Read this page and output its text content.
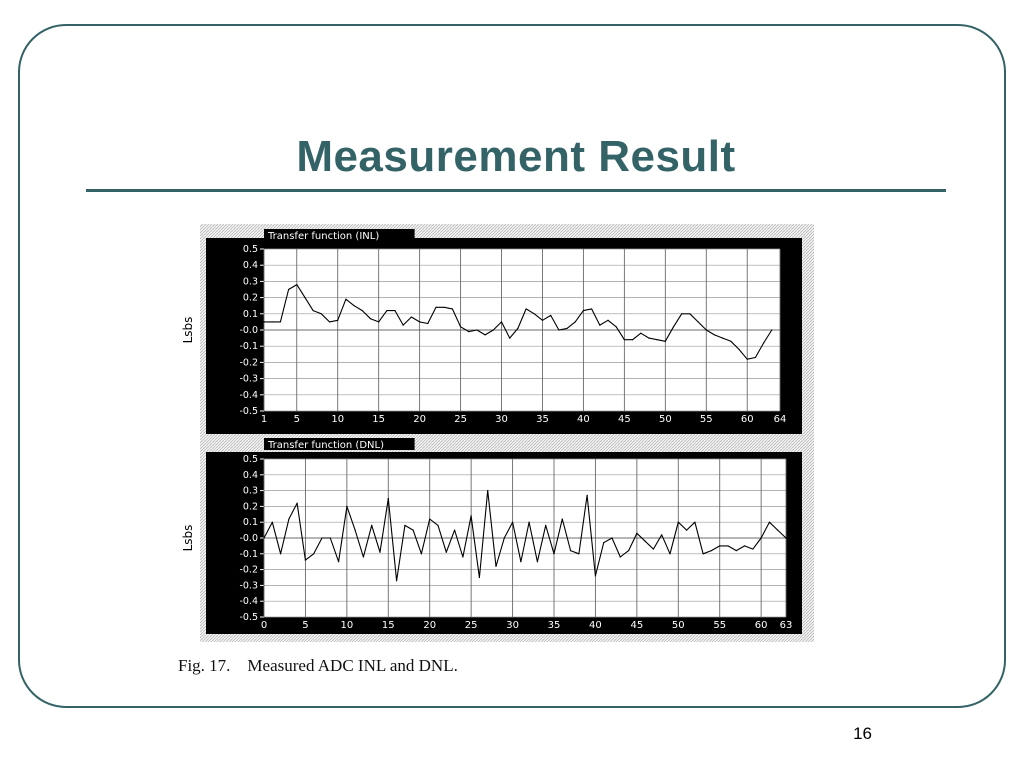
Measurement Result
0.5
0.4
0.3
0.2
0.1
-0.0
-0.1
-0.2
-0.3
-0.4
-0.5
1	5	10	15	20	25	30	35	40	45	50	55	60 64
Transfer function (INL)
Lsbs
0.5
0.4
0.3
0.2
0.1
-0.0
-0.1
-0.2
-0.3
-0.4
-0.5
0	5	10	15	20	25	30	35	40	45	50	55	60 63
Transfer function (DNL)
Lsbs
Fig. 17.    Measured ADC INL and DNL.
16
